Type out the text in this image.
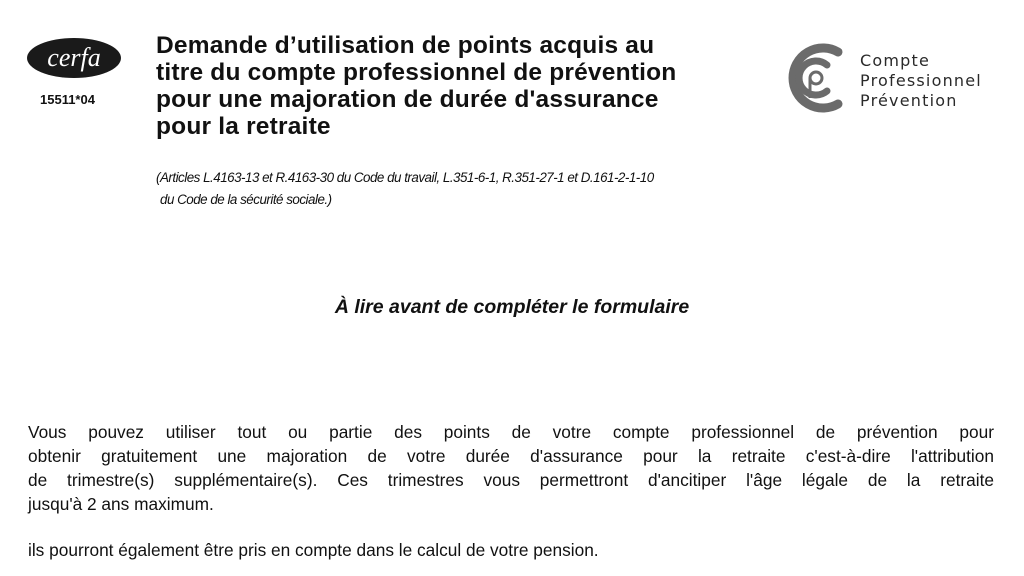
cerfa
15511*04
Demande d’utilisation de points acquis au
titre du compte professionnel de prévention
pour une majoration de durée d'assurance
pour la retraite
Compte
Professionnel
Prévention
(Articles L.4163-13 et R.4163-30 du Code du travail, L.351-6-1, R.351-27-1 et D.161-2-1-10
du Code de la sécurité sociale.)
À lire avant de compléter le formulaire
Vous pouvez utiliser tout ou partie des points de votre compte professionnel de prévention pour
obtenir gratuitement une majoration de votre durée d'assurance pour la retraite c'est-à-dire l'attribution
de trimestre(s) supplémentaire(s). Ces trimestres vous permettront d'ancitiper l'âge légale de la retraite
jusqu'à 2 ans maximum.
ils pourront également être pris en compte dans le calcul de votre pension.
